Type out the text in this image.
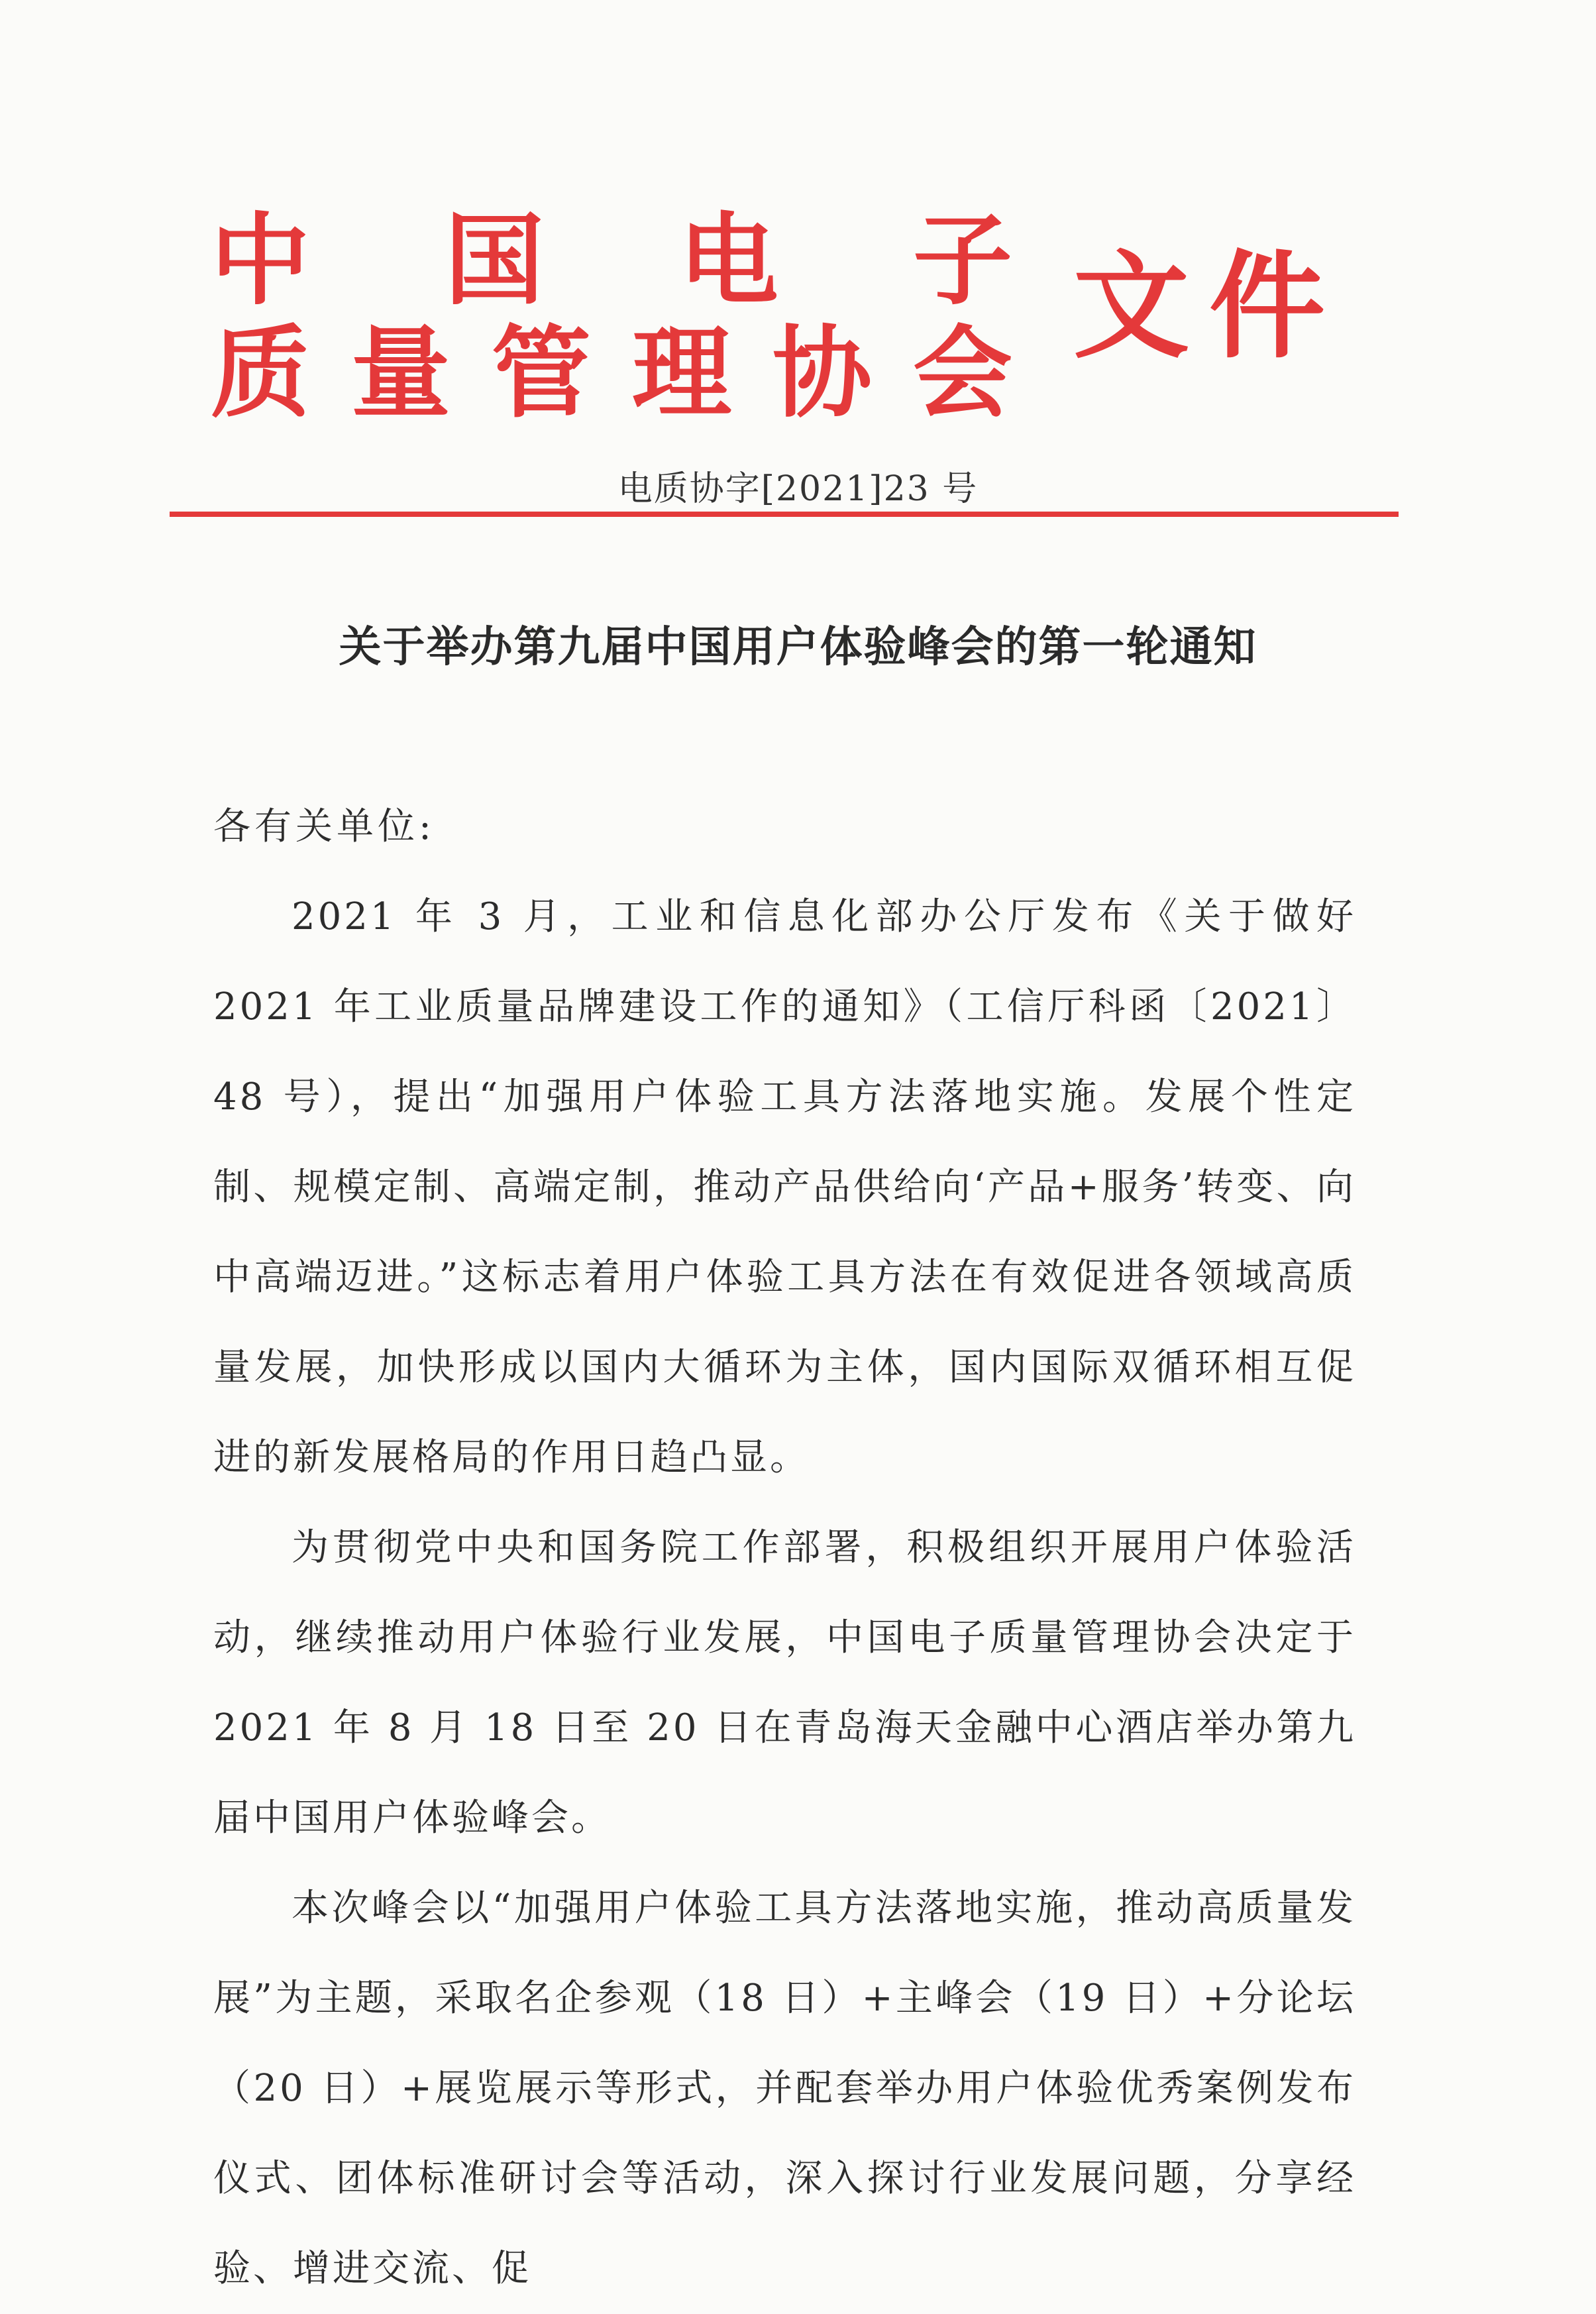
中 国 电 子
质 量 管 理 协 会 文件
电质协字[2021]23 号
关于举办第九届中国用户体验峰会的第一轮通知

各有关单位:

2021 年 3 月，工业和信息化部办公厅发布《关于做好 2021 年工业质量品牌建设工作的通知》（工信厅科函〔2021〕48 号），提出“加强用户体验工具方法落地实施。发展个性定制、规模定制、高端定制，推动产品供给向‘产品+服务’转变、向中高端迈进。”这标志着用户体验工具方法在有效促进各领域高质量发展，加快形成以国内大循环为主体，国内国际双循环相互促进的新发展格局的作用日趋凸显。

为贯彻党中央和国务院工作部署，积极组织开展用户体验活动，继续推动用户体验行业发展，中国电子质量管理协会决定于 2021 年 8 月 18 日至 20 日在青岛海天金融中心酒店举办第九届中国用户体验峰会。

本次峰会以“加强用户体验工具方法落地实施，推动高质量发展”为主题，采取名企参观（18 日）+主峰会（19 日）+分论坛（20 日）+展览展示等形式，并配套举办用户体验优秀案例发布仪式、团体标准研讨会等活动，深入探讨行业发展问题，分享经验、增进交流、促
